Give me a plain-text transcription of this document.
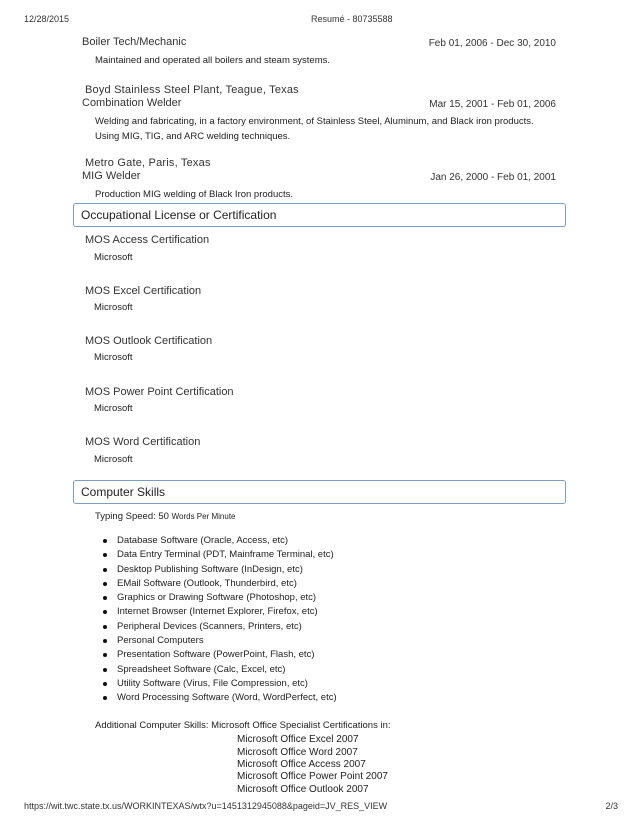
12/28/2015	Resumé - 80735588
Boiler Tech/Mechanic	Feb 01, 2006 - Dec 30, 2010
Maintained and operated all boilers and steam systems.
Boyd Stainless Steel Plant, Teague, Texas
Combination Welder	Mar 15, 2001 - Feb 01, 2006
Welding and fabricating, in a factory environment, of Stainless Steel, Aluminum, and Black iron products.
Using MIG, TIG, and ARC welding techniques.
Metro Gate, Paris, Texas
MIG Welder	Jan 26, 2000 - Feb 01, 2001
Production MIG welding of Black Iron products.
Occupational License or Certification
MOS Access Certification
Microsoft
MOS Excel Certification
Microsoft
MOS Outlook Certification
Microsoft
MOS Power Point Certification
Microsoft
MOS Word Certification
Microsoft
Computer Skills
Typing Speed: 50 Words Per Minute
Database Software (Oracle, Access, etc)
Data Entry Terminal (PDT, Mainframe Terminal, etc)
Desktop Publishing Software (InDesign, etc)
EMail Software (Outlook, Thunderbird, etc)
Graphics or Drawing Software (Photoshop, etc)
Internet Browser (Internet Explorer, Firefox, etc)
Peripheral Devices (Scanners, Printers, etc)
Personal Computers
Presentation Software (PowerPoint, Flash, etc)
Spreadsheet Software (Calc, Excel, etc)
Utility Software (Virus, File Compression, etc)
Word Processing Software (Word, WordPerfect, etc)
Additional Computer Skills: Microsoft Office Specialist Certifications in:
Microsoft Office Excel 2007
Microsoft Office Word 2007
Microsoft Office Access 2007
Microsoft Office Power Point 2007
Microsoft Office Outlook 2007
https://wit.twc.state.tx.us/WORKINTEXAS/wtx?u=1451312945088&pageid=JV_RES_VIEW	2/3
